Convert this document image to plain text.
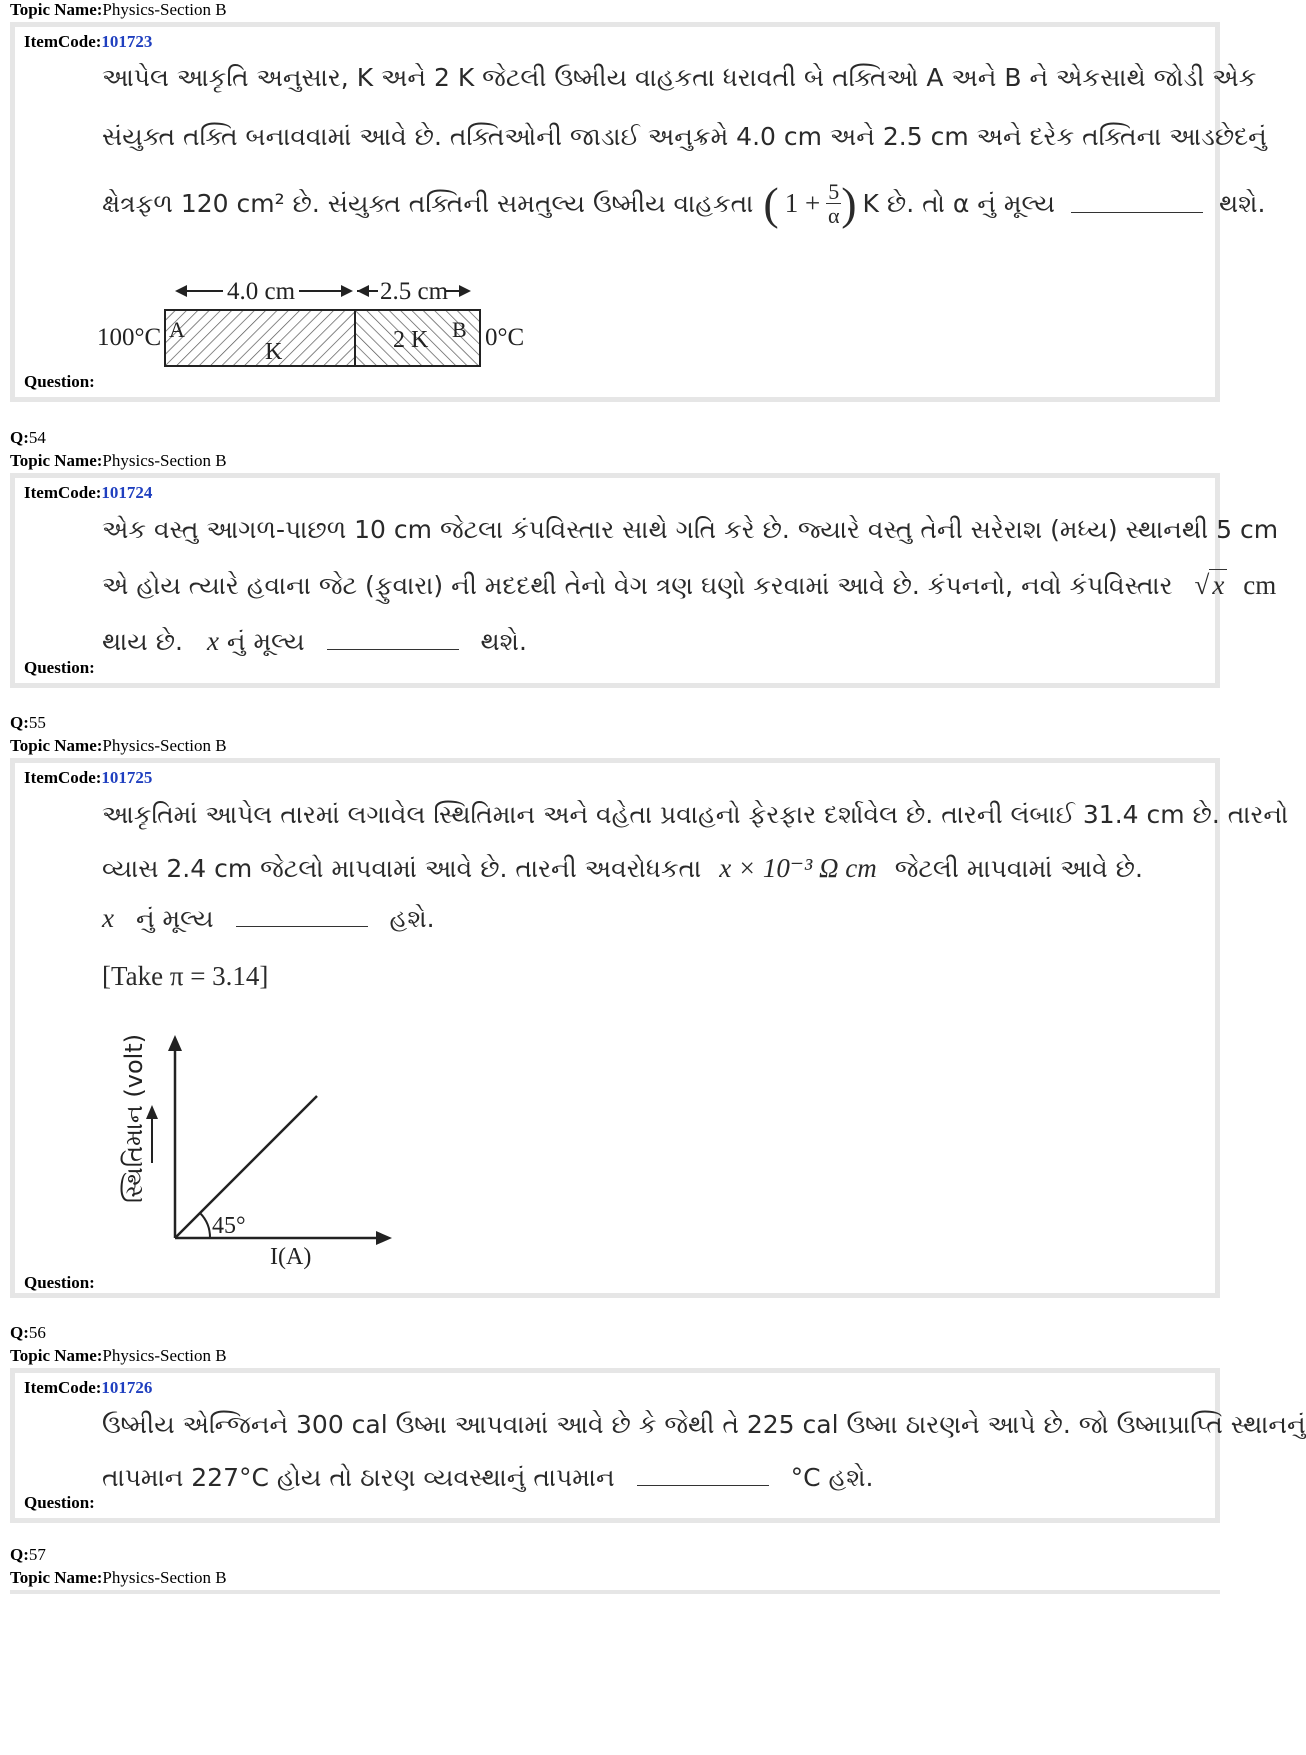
Topic Name:Physics-Section B
ItemCode:101723
આપેલ આકૃતિ અનુસાર, K અને 2 K જેટલી ઉષ્મીય વાહકતા ધરાવતી બે તક્તિઓ A અને B ને એકસાથે જોડી એક
સંયુક્ત તક્તિ બનાવવામાં આવે છે. તક્તિઓની જાડાઈ અનુક્રમે 4.0 cm અને 2.5 cm અને દરેક તક્તિના આડછેદનું
ક્ષેત્રફળ 120 cm² છે. સંયુક્ત તક્તિની સમતુલ્ય ઉષ્મીય વાહકતા ( $1 + \frac{5}{\alpha}$ ) K છે. તો α નું મૂલ્ય	થશે.
4.0 cm	2.5 cm
100°C	0°C
A	B
K	2 K
Question:
Q:54
Topic Name:Physics-Section B
ItemCode:101724
એક વસ્તુ આગળ-પાછળ 10 cm જેટલા કંપવિસ્તાર સાથે ગતિ કરે છે. જ્યારે વસ્તુ તેની સરેરાશ (મધ્ય) સ્થાનથી 5 cm
એ હોય ત્યારે હવાના જેટ (ફુવારા) ની મદદથી તેનો વેગ ત્રણ ઘણો કરવામાં આવે છે. કંપનનો, નવો કંપવિસ્તાર √ x cm
થાય છે. x નું મૂલ્ય	થશે.
Question:
Q:55
Topic Name:Physics-Section B
ItemCode:101725
આકૃતિમાં આપેલ તારમાં લગાવેલ સ્થિતિમાન અને વહેતા પ્રવાહનો ફેરફાર દર્શાવેલ છે. તારની લંબાઈ 31.4 cm છે. તારનો
વ્યાસ 2.4 cm જેટલો માપવામાં આવે છે. તારની અવરોધકતા x × 10⁻³ Ω cm જેટલી માપવામાં આવે છે.
x નું મૂલ્ય	હશે.
[Take π = 3.14]
45°
સ્થિતિમાન (volt)
I(A)
Question:
Q:56
Topic Name:Physics-Section B
ItemCode:101726
ઉષ્મીય એન્જિનને 300 cal ઉષ્મા આપવામાં આવે છે કે જેથી તે 225 cal ઉષ્મા ઠારણને આપે છે. જો ઉષ્માપ્રાપ્તિ સ્થાનનું
તાપમાન 227°C હોય તો ઠારણ વ્યવસ્થાનું તાપમાન	°C હશે.
Question:
Q:57
Topic Name:Physics-Section B
